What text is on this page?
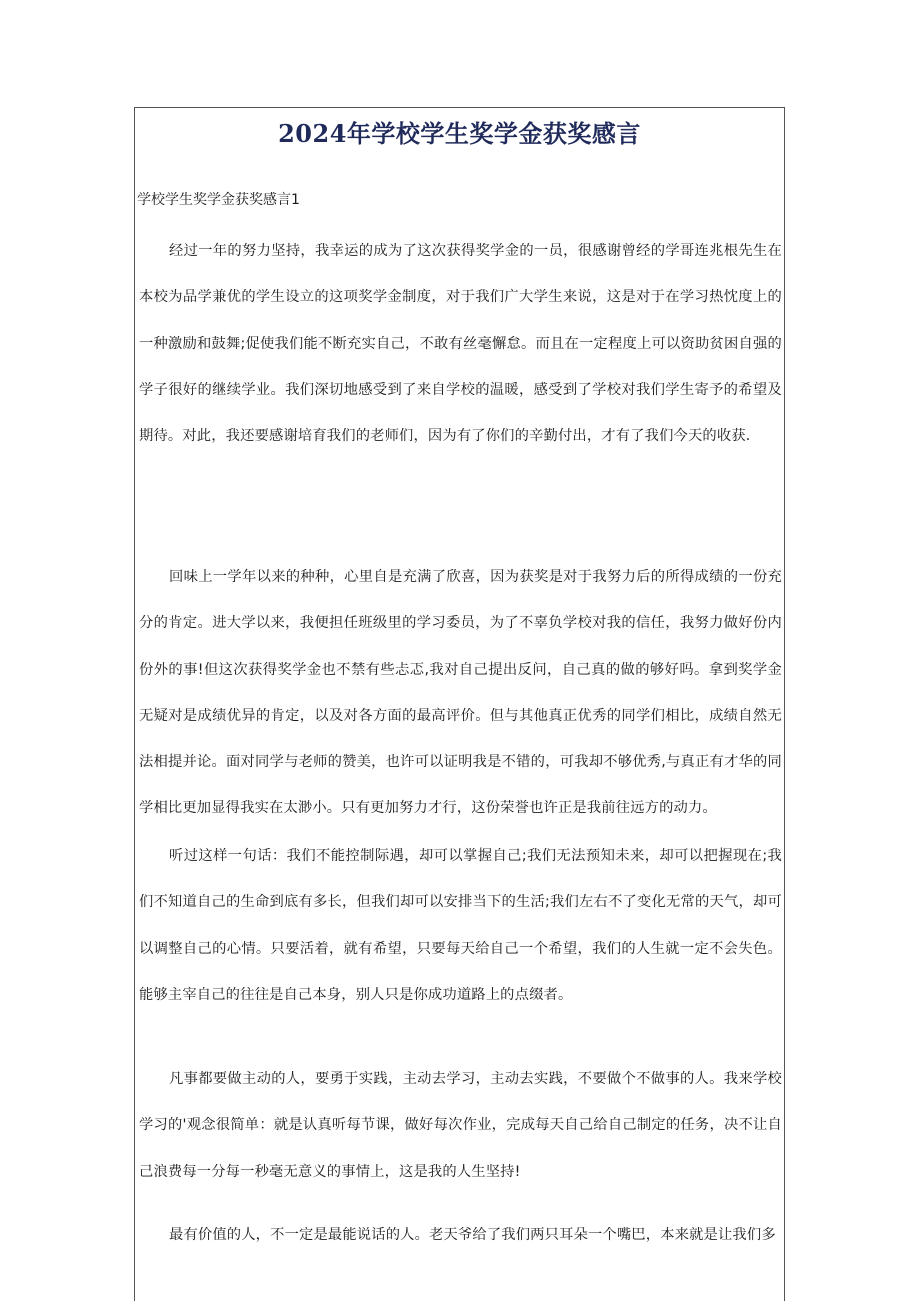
2024年学校学生奖学金获奖感言
学校学生奖学金获奖感言1

经过一年的努力坚持，我幸运的成为了这次获得奖学金的一员，很感谢曾经的学哥连兆根先生在本校为品学兼优的学生设立的这项奖学金制度，对于我们广大学生来说，这是对于在学习热忱度上的一种激励和鼓舞;促使我们能不断充实自己，不敢有丝毫懈怠。而且在一定程度上可以资助贫困自强的学子很好的继续学业。我们深切地感受到了来自学校的温暖，感受到了学校对我们学生寄予的希望及期待。对此，我还要感谢培育我们的老师们，因为有了你们的辛勤付出，才有了我们今天的收获.

回味上一学年以来的种种，心里自是充满了欣喜，因为获奖是对于我努力后的所得成绩的一份充分的肯定。进大学以来，我便担任班级里的学习委员，为了不辜负学校对我的信任，我努力做好份内份外的事!但这次获得奖学金也不禁有些忐忑,我对自己提出反问，自己真的做的够好吗。拿到奖学金无疑对是成绩优异的肯定，以及对各方面的最高评价。但与其他真正优秀的同学们相比，成绩自然无法相提并论。面对同学与老师的赞美，也许可以证明我是不错的，可我却不够优秀,与真正有才华的同学相比更加显得我实在太渺小。只有更加努力才行，这份荣誉也许正是我前往远方的动力。

听过这样一句话：我们不能控制际遇，却可以掌握自己;我们无法预知未来，却可以把握现在;我们不知道自己的生命到底有多长，但我们却可以安排当下的生活;我们左右不了变化无常的天气，却可以调整自己的心情。只要活着，就有希望，只要每天给自己一个希望，我们的人生就一定不会失色。能够主宰自己的往往是自己本身，别人只是你成功道路上的点缀者。

凡事都要做主动的人，要勇于实践，主动去学习，主动去实践，不要做个不做事的人。我来学校学习的'观念很简单：就是认真听每节课，做好每次作业，完成每天自己给自己制定的任务，决不让自己浪费每一分每一秒毫无意义的事情上，这是我的人生坚持!

最有价值的人，不一定是最能说话的人。老天爷给了我们两只耳朵一个嘴巴，本来就是让我们多
